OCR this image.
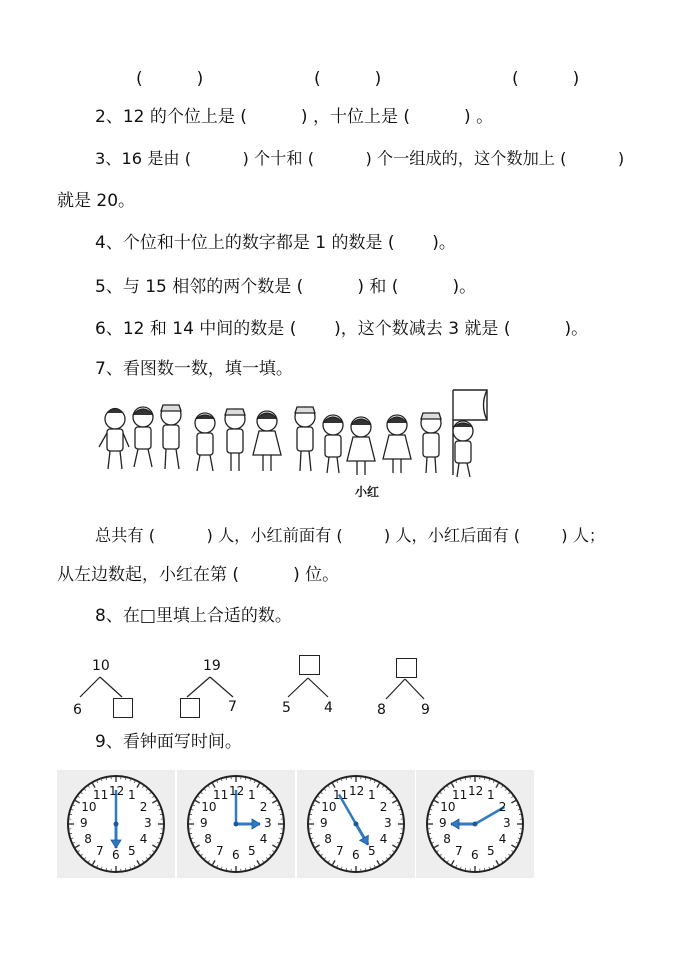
(          )	(          )	(          )
2、12 的个位上是 (          ) ，十位上是 (          ) 。
3、16 是由 (          ) 个十和 (          ) 个一组成的，这个数加上 (          )
就是 20。
4、个位和十位上的数字都是 1 的数是 (       )。
5、与 15 相邻的两个数是 (          ) 和 (          )。
6、12 和 14 中间的数是 (       )，这个数减去 3 就是 (          )。
7、看图数一数，填一填。
小红
总共有 (          ) 人，小红前面有 (        ) 人，小红后面有 (        ) 人；
从左边数起，小红在第 (          ) 位。
8、在□里填上合适的数。
10
6
19
7	5 4	8	9
9、看钟面写时间。
12 1
2
3
4
5
6
7
8
9
10
11	12 1
2
3
4
5
6
7
8
9
10
11	12 1
2
3
4
5
6
7
8
9
10
11	12 1
2
3
4
5
6
7
8
9
10
11
